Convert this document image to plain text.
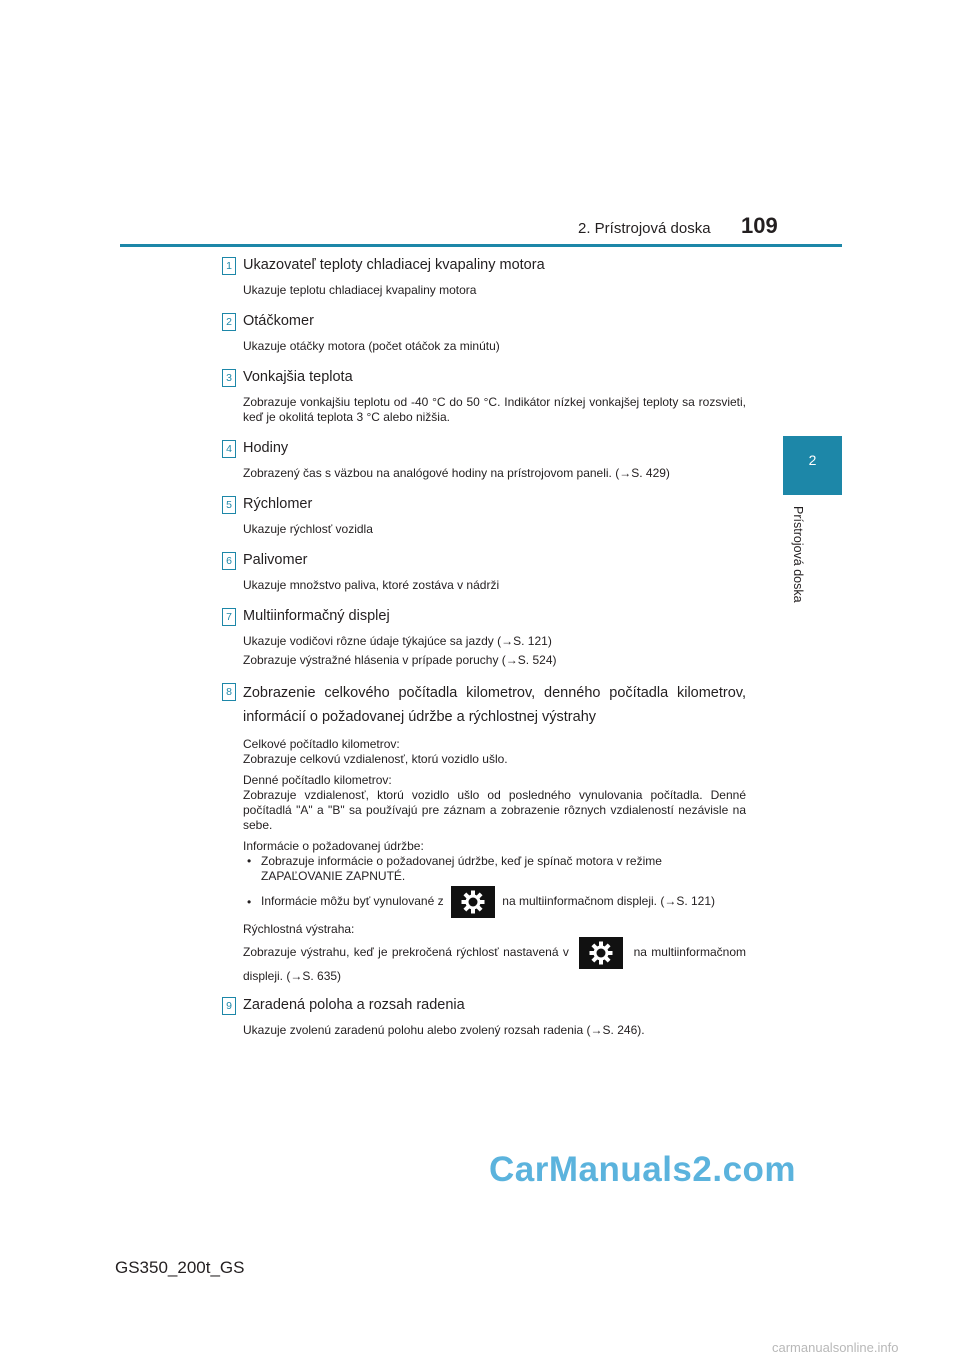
2. Prístrojová doska 109
2
Prístrojová doska
1 Ukazovateľ teploty chladiacej kvapaliny motora
Ukazuje teplotu chladiacej kvapaliny motora
2 Otáčkomer
Ukazuje otáčky motora (počet otáčok za minútu)
3 Vonkajšia teplota
Zobrazuje vonkajšiu teplotu od -40 °C do 50 °C. Indikátor nízkej vonkajšej teploty sa rozsvieti, keď je okolitá teplota 3 °C alebo nižšia.
4 Hodiny
Zobrazený čas s väzbou na analógové hodiny na prístrojovom paneli. (→S. 429)
5 Rýchlomer
Ukazuje rýchlosť vozidla
6 Palivomer
Ukazuje množstvo paliva, ktoré zostáva v nádrži
7 Multiinformačný displej
Ukazuje vodičovi rôzne údaje týkajúce sa jazdy (→S. 121)
Zobrazuje výstražné hlásenia v prípade poruchy (→S. 524)
8 Zobrazenie celkového počítadla kilometrov, denného počítadla kilometrov, informácií o požadovanej údržbe a rýchlostnej výstrahy
Celkové počítadlo kilometrov:
Zobrazuje celkovú vzdialenosť, ktorú vozidlo ušlo.
Denné počítadlo kilometrov:
Zobrazuje vzdialenosť, ktorú vozidlo ušlo od posledného vynulovania počítadla. Denné počítadlá "A" a "B" sa používajú pre záznam a zobrazenie rôznych vzdialeností nezávisle na sebe.
Informácie o požadovanej údržbe:
• Zobrazuje informácie o požadovanej údržbe, keď je spínač motora v režime ZAPAĽOVANIE ZAPNUTÉ.
• Informácie môžu byť vynulované z	na multiinformačnom displeji. (→S. 121)
Rýchlostná výstraha:
Zobrazuje výstrahu, keď je prekročená rýchlosť nastavená v	na multiinformačnom displeji. (→S. 635)
9 Zaradená poloha a rozsah radenia
Ukazuje zvolenú zaradenú polohu alebo zvolený rozsah radenia (→S. 246).
CarManuals2.com
GS350_200t_GS
carmanualsonline.info
